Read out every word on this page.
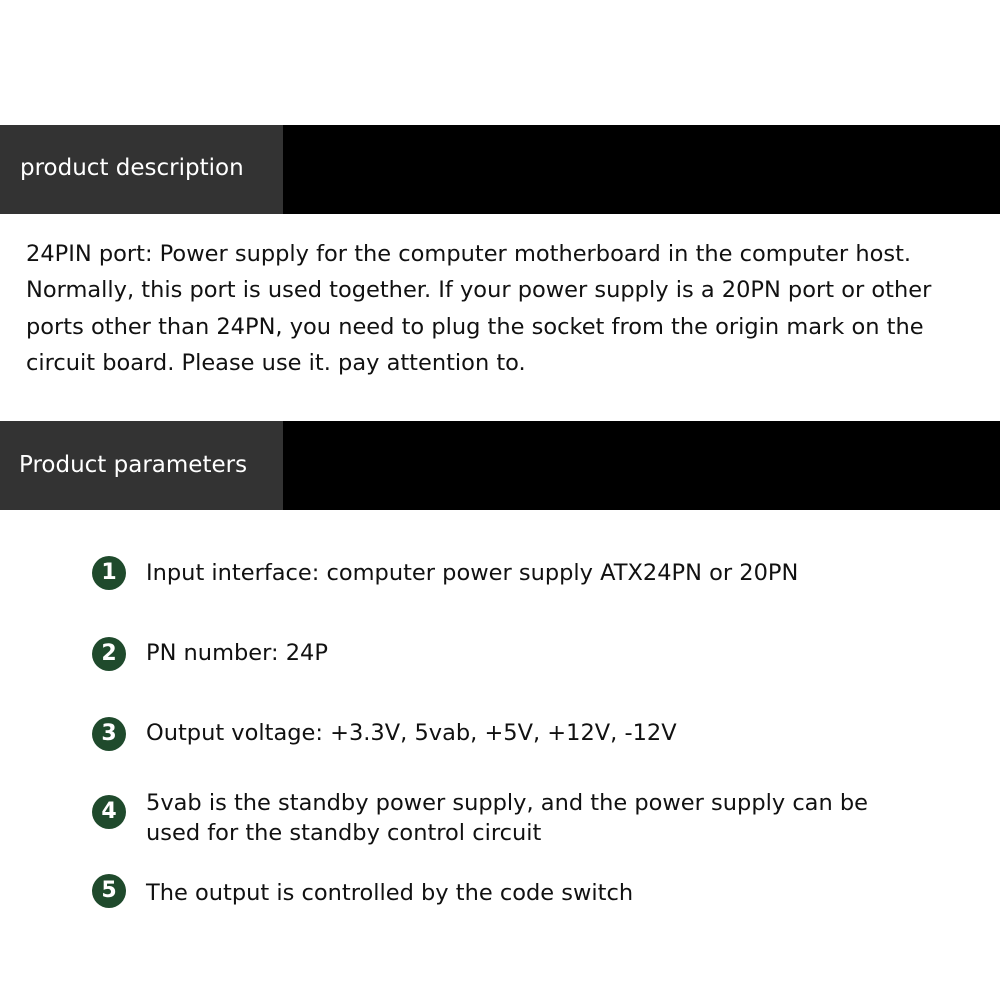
product description
24PIN port: Power supply for the computer motherboard in the computer host.
Normally, this port is used together. If your power supply is a 20PN port or other
ports other than 24PN, you need to plug the socket from the origin mark on the
circuit board. Please use it. pay attention to.
Product parameters
1	Input interface: computer power supply ATX24PN or 20PN
2	PN number: 24P
3	Output voltage: +3.3V, 5vab, +5V, +12V, -12V
4	5vab is the standby power supply, and the power supply can be
used for the standby control circuit
5	The output is controlled by the code switch
